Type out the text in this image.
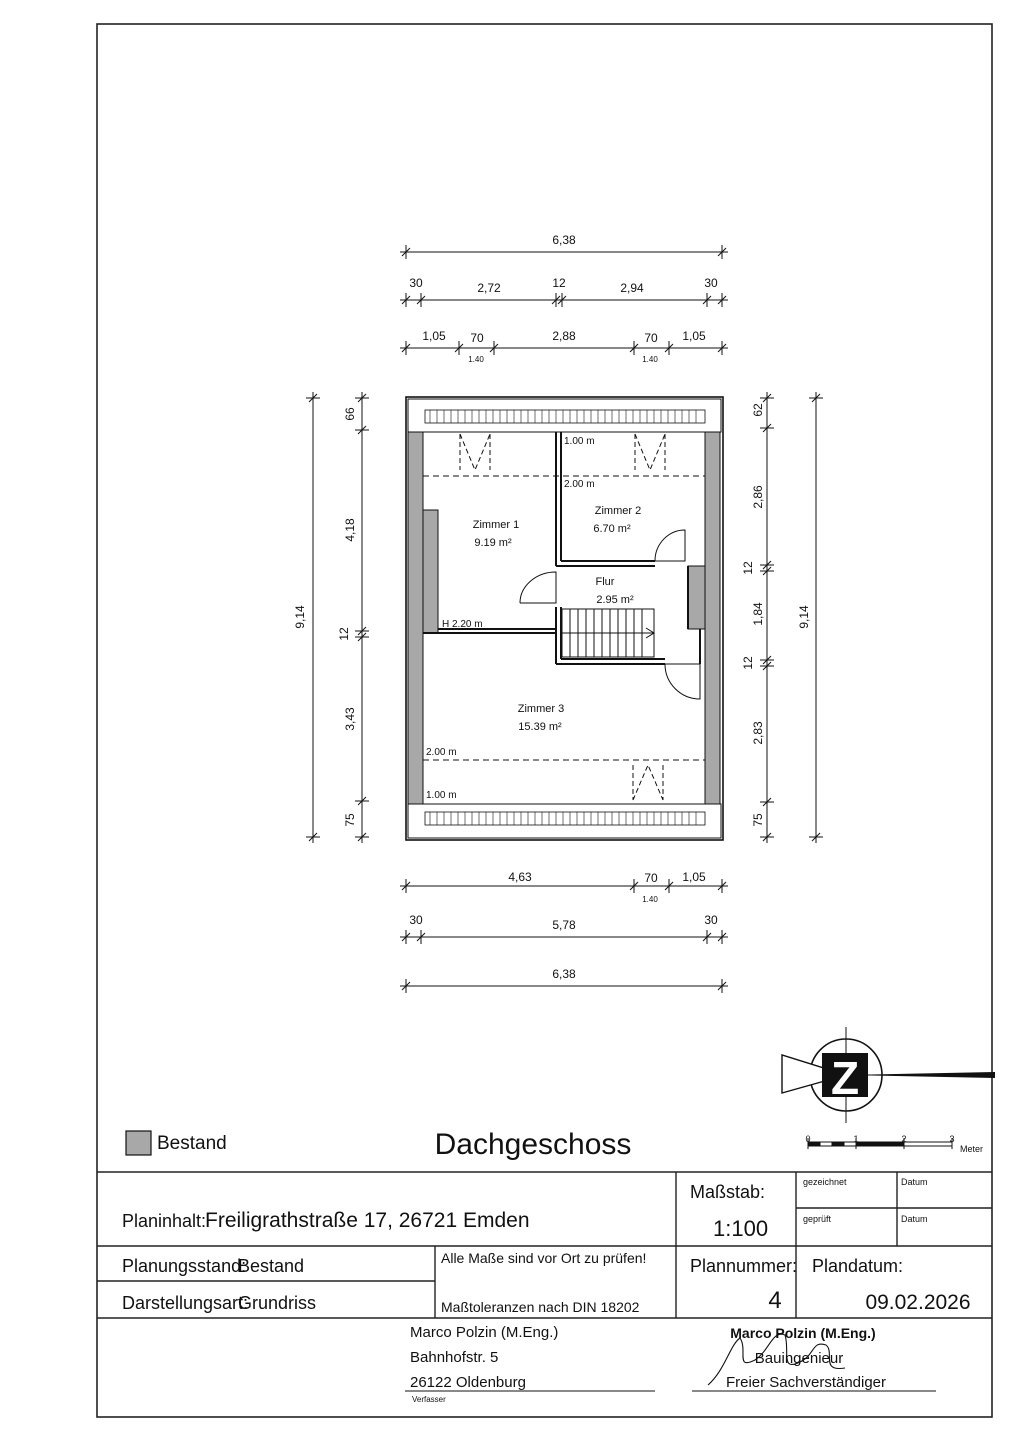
6,38
30	2,72	12	2,94	30
1,05 70
1.40
2,88	70
1.40
1,05
9,14
66
4,18
12
3,43
75
62
2,86
12
1,84
12
2,83
75
9,14
Zimmer 1
9.19 m²
Zimmer 2
6.70 m²
Flur
2.95 m²
Zimmer 3
15.39 m²
1.00 m
2.00 m
H 2.20 m
2.00 m
1.00 m
4,63	70
1.40
1,05
30	5,78	30
6,38
Z
0	1	2	3
Meter
Bestand	Dachgeschoss
Planinhalt:
Freiligrathstraße 17, 26721 Emden
Maßstab:
1:100
gezeichnet	Datum
geprüft	Datum
Planungsstand:
Bestand
Darstellungsart:
Grundriss
Alle Maße sind vor Ort zu prüfen!
Maßtoleranzen nach DIN 18202
Plannummer:
4
Plandatum:
09.02.2026
Marco Polzin (M.Eng.)
Bahnhofstr. 5
26122 Oldenburg
Verfasser
Marco Polzin (M.Eng.)
Bauingenieur
Freier Sachverständiger
